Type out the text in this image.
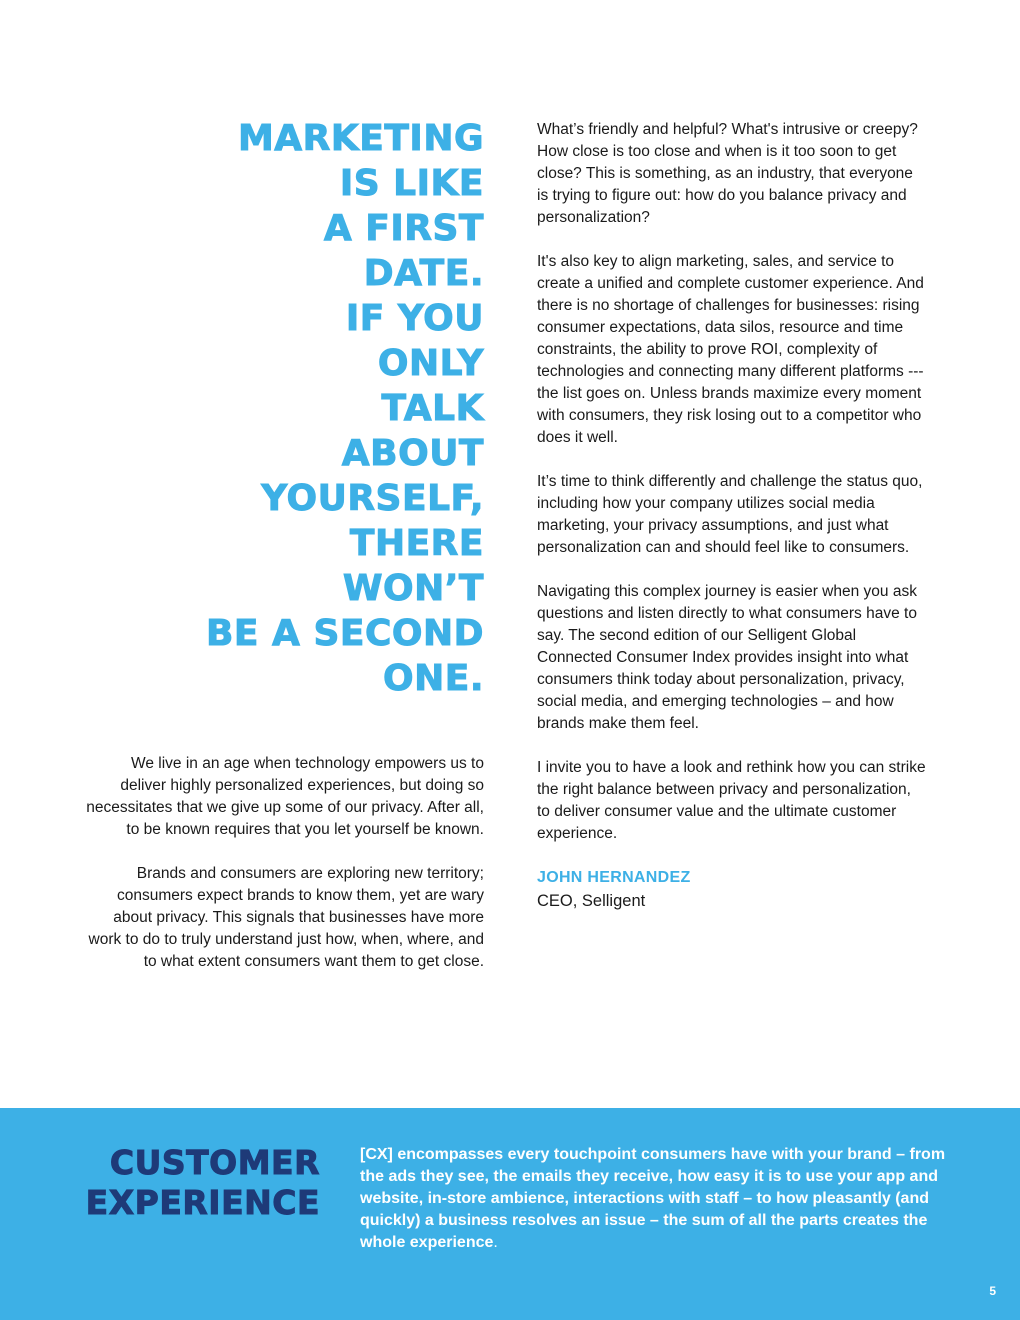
MARKETING
IS LIKE
A FIRST
DATE.
IF YOU
ONLY
TALK
ABOUT
YOURSELF,
THERE
WON’T
BE A SECOND
ONE.

We live in an age when technology empowers us to deliver highly personalized experiences, but doing so necessitates that we give up some of our privacy. After all, to be known requires that you let yourself be known.

Brands and consumers are exploring new territory; consumers expect brands to know them, yet are wary about privacy. This signals that businesses have more work to do to truly understand just how, when, where, and to what extent consumers want them to get close.

What’s friendly and helpful? What's intrusive or creepy? How close is too close and when is it too soon to get close? This is something, as an industry, that everyone is trying to figure out: how do you balance privacy and personalization?

It's also key to align marketing, sales, and service to create a unified and complete customer experience. And there is no shortage of challenges for businesses: rising consumer expectations, data silos, resource and time constraints, the ability to prove ROI, complexity of technologies and connecting many different platforms --- the list goes on. Unless brands maximize every moment with consumers, they risk losing out to a competitor who does it well.

It’s time to think differently and challenge the status quo, including how your company utilizes social media marketing, your privacy assumptions, and just what personalization can and should feel like to consumers.

Navigating this complex journey is easier when you ask questions and listen directly to what consumers have to say. The second edition of our Selligent Global Connected Consumer Index provides insight into what consumers think today about personalization, privacy, social media, and emerging technologies – and how brands make them feel.

I invite you to have a look and rethink how you can strike the right balance between privacy and personalization, to deliver consumer value and the ultimate customer experience.

JOHN HERNANDEZ

CEO, Selligent

CUSTOMER
EXPERIENCE

[CX] encompasses every touchpoint consumers have with your brand – from the ads they see, the emails they receive, how easy it is to use your app and website, in-store ambience, interactions with staff – to how pleasantly (and quickly) a business resolves an issue – the sum of all the parts creates the whole experience.

5
